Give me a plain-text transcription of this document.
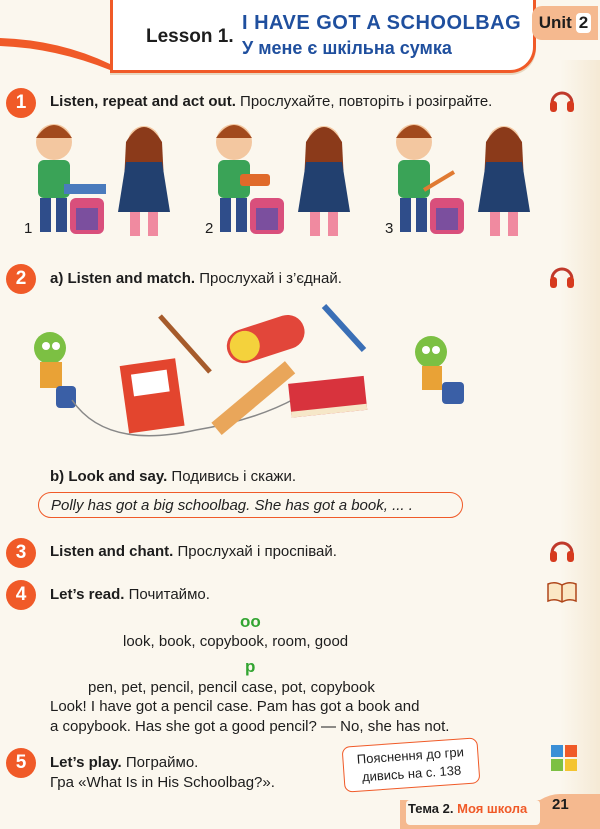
Lesson 1.
I HAVE GOT A SCHOOLBAG
У мене є шкільна сумка
Unit 2
1	Listen, repeat and act out. Прослухайте, повторіть і розіграйте.
1	2	3
2	a) Listen and match. Прослухай і з’єднай.
b) Look and say. Подивись і скажи.
Polly has got a big schoolbag. She has got a book, ... .
3	Listen and chant. Прослухай і проспівай.
4	Let’s read. Почитаймо.
oo
look, book, copybook, room, good
p
pen, pet, pencil, pencil case, pot, copybook
Look! I have got a pencil case. Pam has got a book and
a copybook. Has she got a good pencil? — No, she has not.
5	Let’s play. Пограймо.
Гра «What Is in His Schoolbag?».
Пояснення до гри
дивись на с. 138
Тема 2. Моя школа 21
